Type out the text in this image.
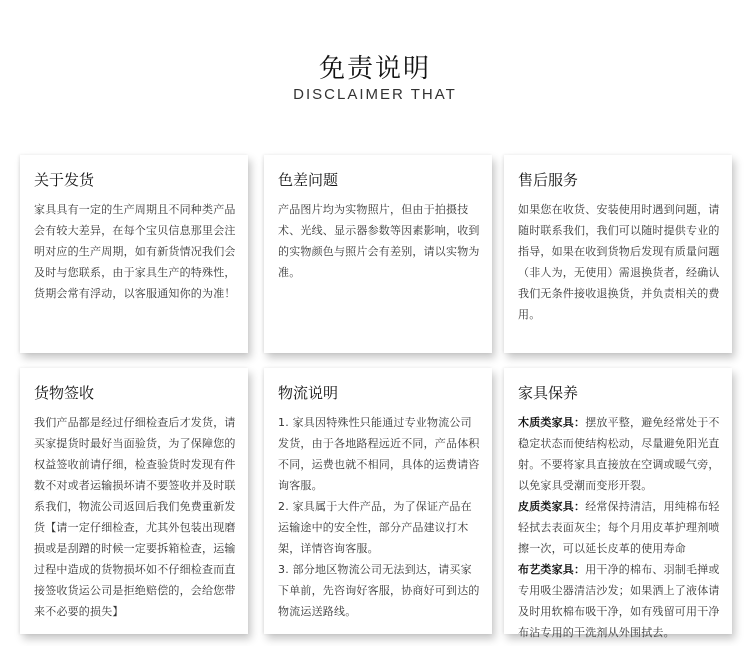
免责说明
DISCLAIMER THAT
关于发货
家具具有一定的生产周期且不同种类产品会有较大差异，在每个宝贝信息那里会注明对应的生产周期，如有新货情况我们会及时与您联系，由于家具生产的特殊性，货期会常有浮动，以客服通知你的为准！
色差问题
产品图片均为实物照片，但由于拍摄技术、光线、显示器参数等因素影响，收到的实物颜色与照片会有差别，请以实物为准。
售后服务
如果您在收货、安装使用时遇到问题，请随时联系我们，我们可以随时提供专业的指导，如果在收到货物后发现有质量问题（非人为，无使用）需退换货者，经确认我们无条件接收退换货，并负责相关的费用。
货物签收
我们产品都是经过仔细检查后才发货，请买家提货时最好当面验货，为了保障您的权益签收前请仔细，检查验货时发现有件数不对或者运输损坏请不要签收并及时联系我们，物流公司返回后我们免费重新发货【请一定仔细检查，尤其外包装出现磨损或是刮蹭的时候一定要拆箱检查，运输过程中造成的货物损坏如不仔细检查而直接签收货运公司是拒绝赔偿的，会给您带来不必要的损失】
物流说明
1. 家具因特殊性只能通过专业物流公司发货，由于各地路程远近不同，产品体积不同，运费也就不相同，具体的运费请咨询客服。
2. 家具属于大件产品，为了保证产品在运输途中的安全性，部分产品建议打木架，详情咨询客服。
3. 部分地区物流公司无法到达，请买家下单前，先咨询好客服，协商好可到达的物流运送路线。
家具保养
木质类家具：摆放平整，避免经常处于不稳定状态而使结构松动，尽量避免阳光直射。不要将家具直接放在空调或暖气旁，以免家具受潮而变形开裂。
皮质类家具：经常保持清洁，用纯棉布轻轻拭去表面灰尘；每个月用皮革护理剂喷擦一次，可以延长皮革的使用寿命
布艺类家具：用干净的棉布、羽制毛掸或专用吸尘器清洁沙发；如果洒上了液体请及时用软棉布吸干净，如有残留可用干净布沾专用的干洗剂从外围拭去。
